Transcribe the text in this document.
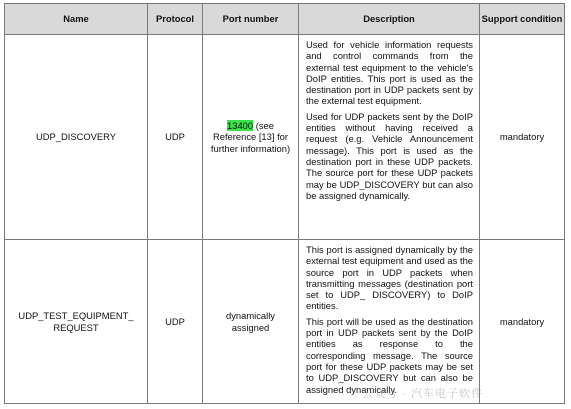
Name	Protocol	Port number	Description	Support condition
UDP_DISCOVERY	UDP	13400 (see Reference [13] for further information)	Used for vehicle information requests and control commands from the external test equipment to the vehicle's DoIP entities. This port is used as the destination port in UDP packets sent by the external test equipment.

Used for UDP packets sent by the DoIP entities without having received a request (e.g. Vehicle Announcement message). This port is used as the destination port in these UDP packets. The source port for these UDP packets may be UDP_DISCOVERY but can also be assigned dynamically.	mandatory
UDP_TEST_EQUIPMENT_ REQUEST	UDP	dynamically assigned	This port is assigned dynamically by the external test equipment and used as the source port in UDP packets when transmitting messages (destination port set to UDP_ DISCOVERY) to DoIP entities.

This port will be used as the destination port in UDP packets sent by the DoIP entities as response to the corresponding message. The source port for these UDP packets may be set to UDP_DISCOVERY but can also be assigned dynamically.	mandatory
公众号 · 汽车电子软件
